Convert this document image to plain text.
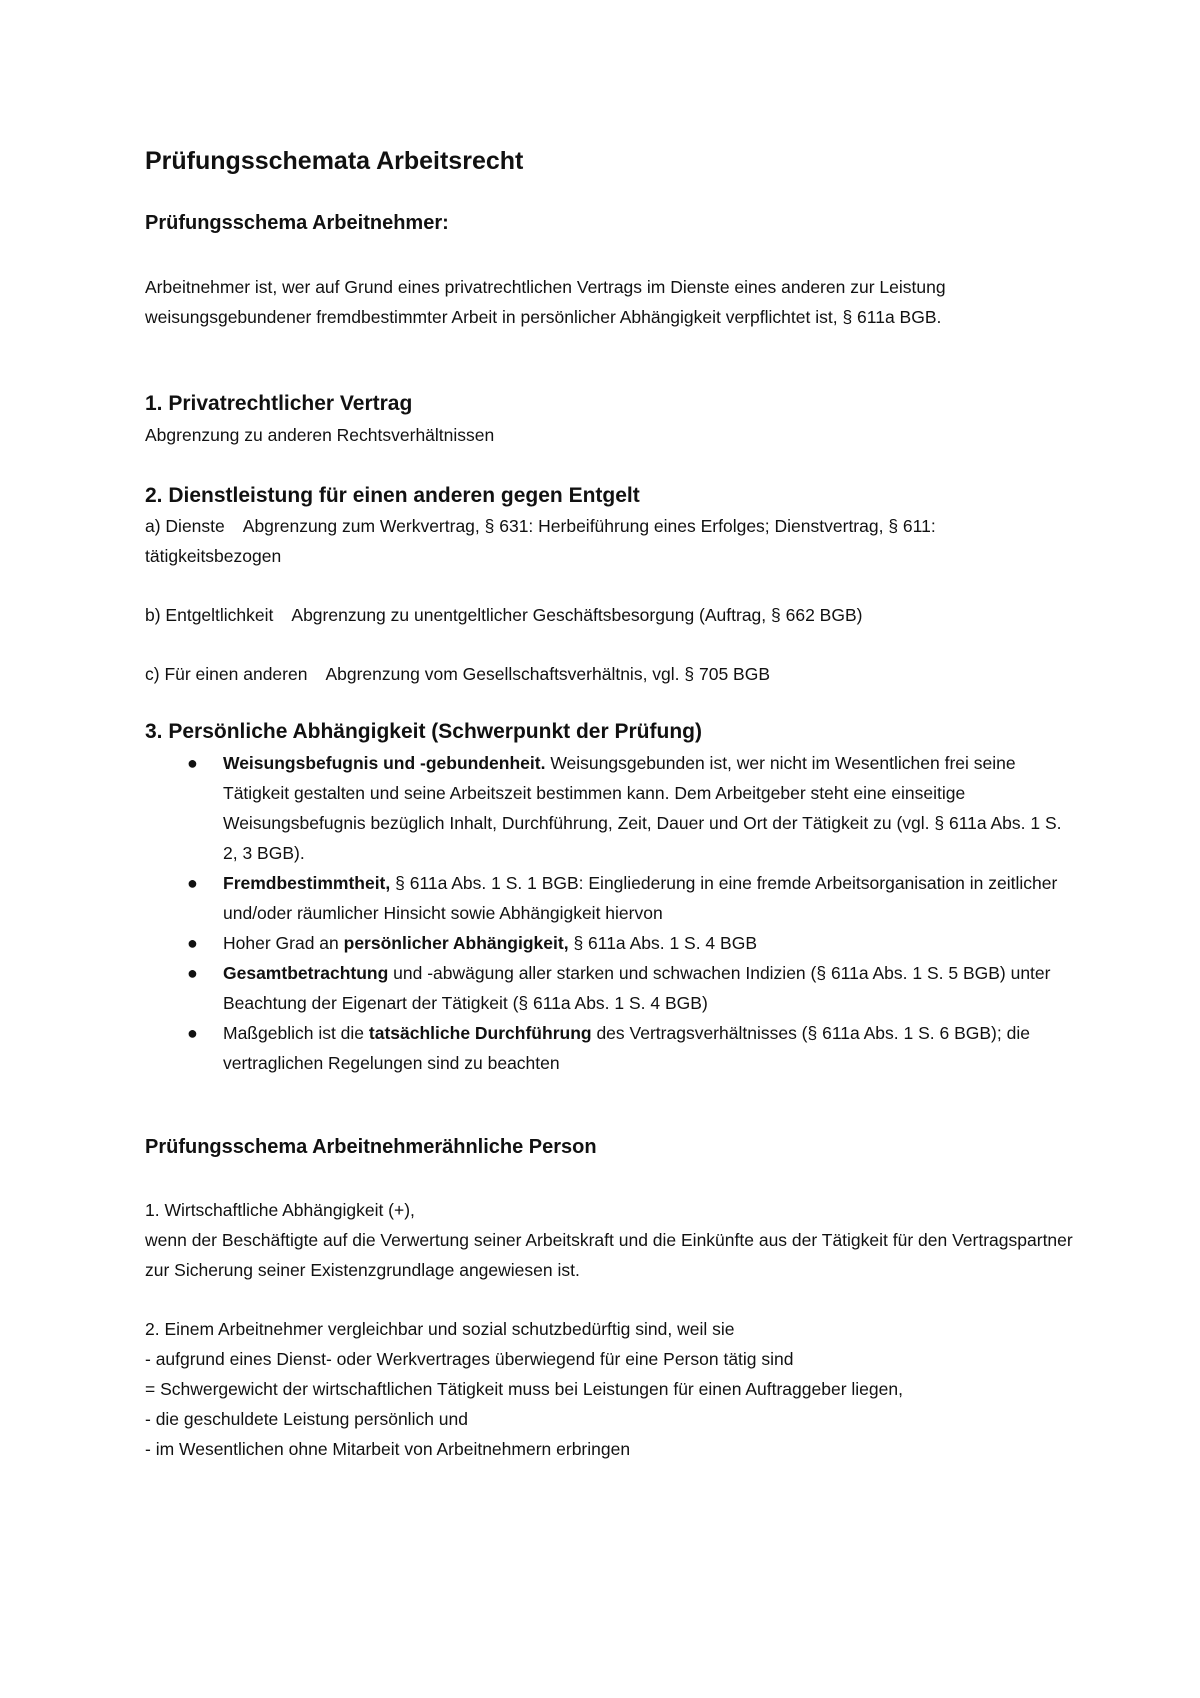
Prüfungsschemata Arbeitsrecht
Prüfungsschema Arbeitnehmer:

Arbeitnehmer ist, wer auf Grund eines privatrechtlichen Vertrags im Dienste eines anderen zur Leistung weisungsgebundener fremdbestimmter Arbeit in persönlicher Abhängigkeit verpflichtet ist, § 611a BGB.

1. Privatrechtlicher Vertrag

Abgrenzung zu anderen Rechtsverhältnissen

2. Dienstleistung für einen anderen gegen Entgelt

a) Dienste Abgrenzung zum Werkvertrag, § 631: Herbeiführung eines Erfolges; Dienstvertrag, § 611:

tätigkeitsbezogen

b) Entgeltlichkeit Abgrenzung zu unentgeltlicher Geschäftsbesorgung (Auftrag, § 662 BGB)

c) Für einen anderen Abgrenzung vom Gesellschaftsverhältnis, vgl. § 705 BGB

3. Persönliche Abhängigkeit (Schwerpunkt der Prüfung)
● Weisungsbefugnis und -gebundenheit. Weisungsgebunden ist, wer nicht im Wesentlichen frei seine Tätigkeit gestalten und seine Arbeitszeit bestimmen kann. Dem Arbeitgeber steht eine einseitige Weisungsbefugnis bezüglich Inhalt, Durchführung, Zeit, Dauer und Ort der Tätigkeit zu (vgl. § 611a Abs. 1 S. 2, 3 BGB).
● Fremdbestimmtheit, § 611a Abs. 1 S. 1 BGB: Eingliederung in eine fremde Arbeitsorganisation in zeitlicher und/oder räumlicher Hinsicht sowie Abhängigkeit hiervon
● Hoher Grad an persönlicher Abhängigkeit, § 611a Abs. 1 S. 4 BGB
● Gesamtbetrachtung und -abwägung aller starken und schwachen Indizien (§ 611a Abs. 1 S. 5 BGB) unter Beachtung der Eigenart der Tätigkeit (§ 611a Abs. 1 S. 4 BGB)
● Maßgeblich ist die tatsächliche Durchführung des Vertragsverhältnisses (§ 611a Abs. 1 S. 6 BGB); die vertraglichen Regelungen sind zu beachten
Prüfungsschema Arbeitnehmerähnliche Person

1. Wirtschaftliche Abhängigkeit (+),

wenn der Beschäftigte auf die Verwertung seiner Arbeitskraft und die Einkünfte aus der Tätigkeit für den Vertragspartner zur Sicherung seiner Existenzgrundlage angewiesen ist.

2. Einem Arbeitnehmer vergleichbar und sozial schutzbedürftig sind, weil sie

- aufgrund eines Dienst- oder Werkvertrages überwiegend für eine Person tätig sind

= Schwergewicht der wirtschaftlichen Tätigkeit muss bei Leistungen für einen Auftraggeber liegen,

- die geschuldete Leistung persönlich und

- im Wesentlichen ohne Mitarbeit von Arbeitnehmern erbringen
